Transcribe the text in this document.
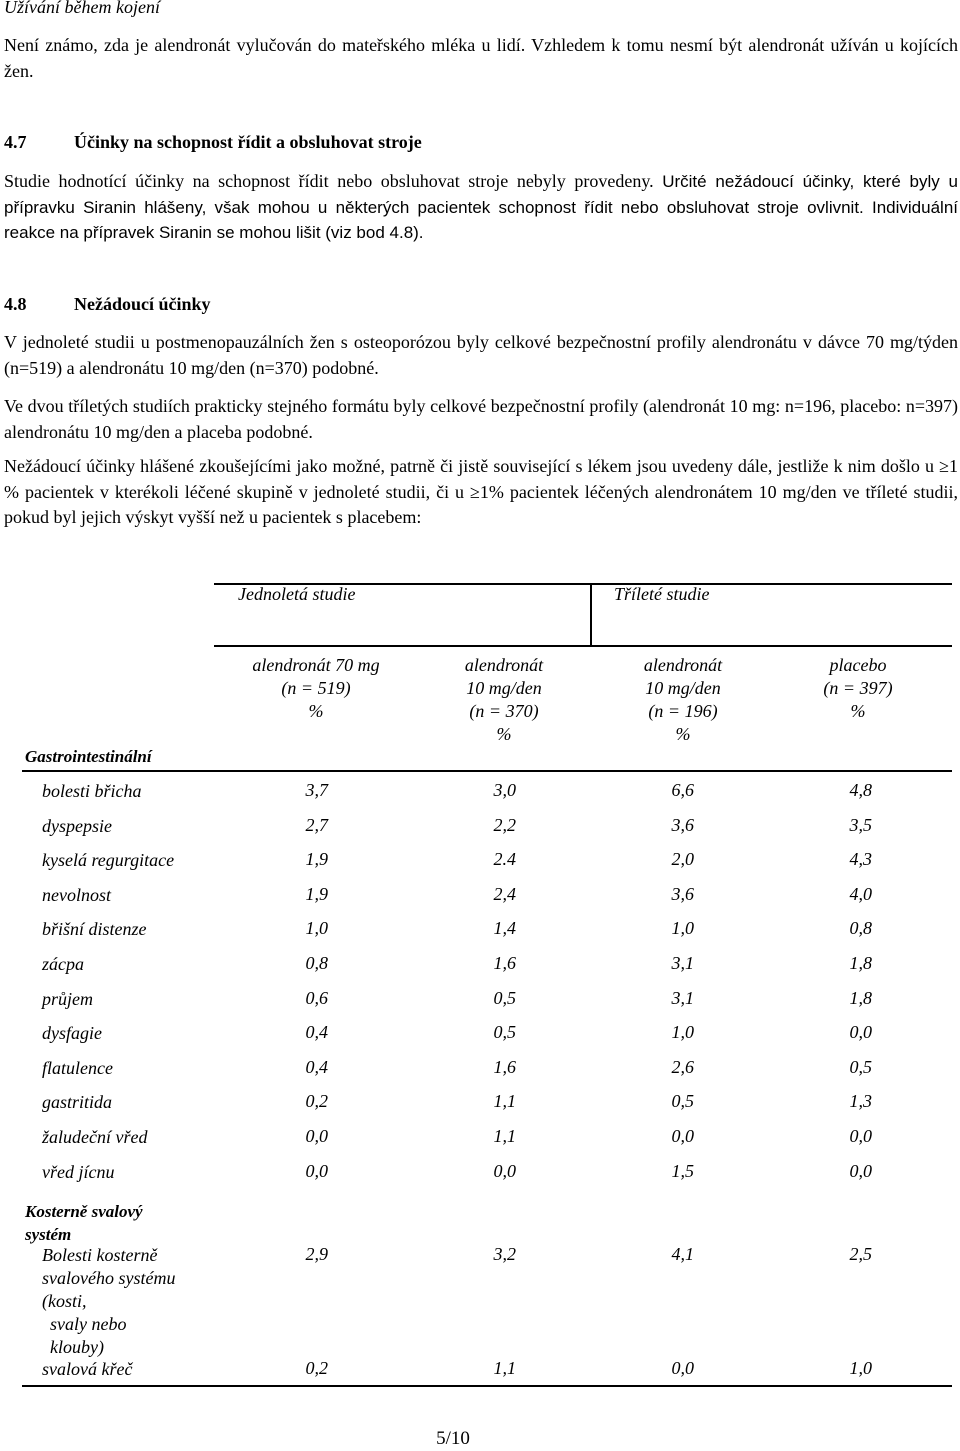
Užívání během kojení
Není známo, zda je alendronát vylučován do mateřského mléka u lidí. Vzhledem k tomu nesmí být alendronát užíván u kojících žen.
4.7	Účinky na schopnost řídit a obsluhovat stroje
Studie hodnotící účinky na schopnost řídit nebo obsluhovat stroje nebyly provedeny. Určité nežádoucí účinky, které byly u přípravku Siranin hlášeny, však mohou u některých pacientek schopnost řídit nebo obsluhovat stroje ovlivnit. Individuální reakce na přípravek Siranin se mohou lišit (viz bod 4.8).
4.8	Nežádoucí účinky
V jednoleté studii u postmenopauzálních žen s osteoporózou byly celkové bezpečnostní profily alendronátu v dávce 70 mg/týden (n=519) a alendronátu 10 mg/den (n=370) podobné.
Ve dvou tříletých studiích prakticky stejného formátu byly celkové bezpečnostní profily (alendronát 10 mg: n=196, placebo: n=397) alendronátu 10 mg/den a placeba podobné.
Nežádoucí účinky hlášené zkoušejícími jako možné, patrně či jistě související s lékem jsou uvedeny dále, jestliže k nim došlo u ≥1 % pacientek v kterékoli léčené skupině v jednoleté studii, či u ≥1% pacientek léčených alendronátem 10 mg/den ve tříleté studii, pokud byl jejich výskyt vyšší než u pacientek s placebem:
Jednoletá studie	Tříleté studie
alendronát 70 mg
(n = 519)
%
alendronát
10 mg/den
(n = 370)
%
alendronát
10 mg/den
(n = 196)
%
placebo
(n = 397)
%
Gastrointestinální
bolesti břicha	3,7	3,0	6,6	4,8
dyspepsie	2,7	2,2	3,6	3,5
kyselá regurgitace	1,9	2.4	2,0	4,3
nevolnost	1,9	2,4	3,6	4,0
břišní distenze	1,0	1,4	1,0	0,8
zácpa	0,8	1,6	3,1	1,8
průjem	0,6	0,5	3,1	1,8
dysfagie	0,4	0,5	1,0	0,0
flatulence	0,4	1,6	2,6	0,5
gastritida	0,2	1,1	0,5	1,3
žaludeční vřed	0,0	1,1	0,0	0,0
vřed jícnu	0,0	0,0	1,5	0,0
Kosterně svalový
systém
Bolesti kosterně
svalového systému
(kosti,
svaly nebo
klouby)
2,9	3,2	4,1	2,5
svalová křeč	0,2	1,1	0,0	1,0
5/10
